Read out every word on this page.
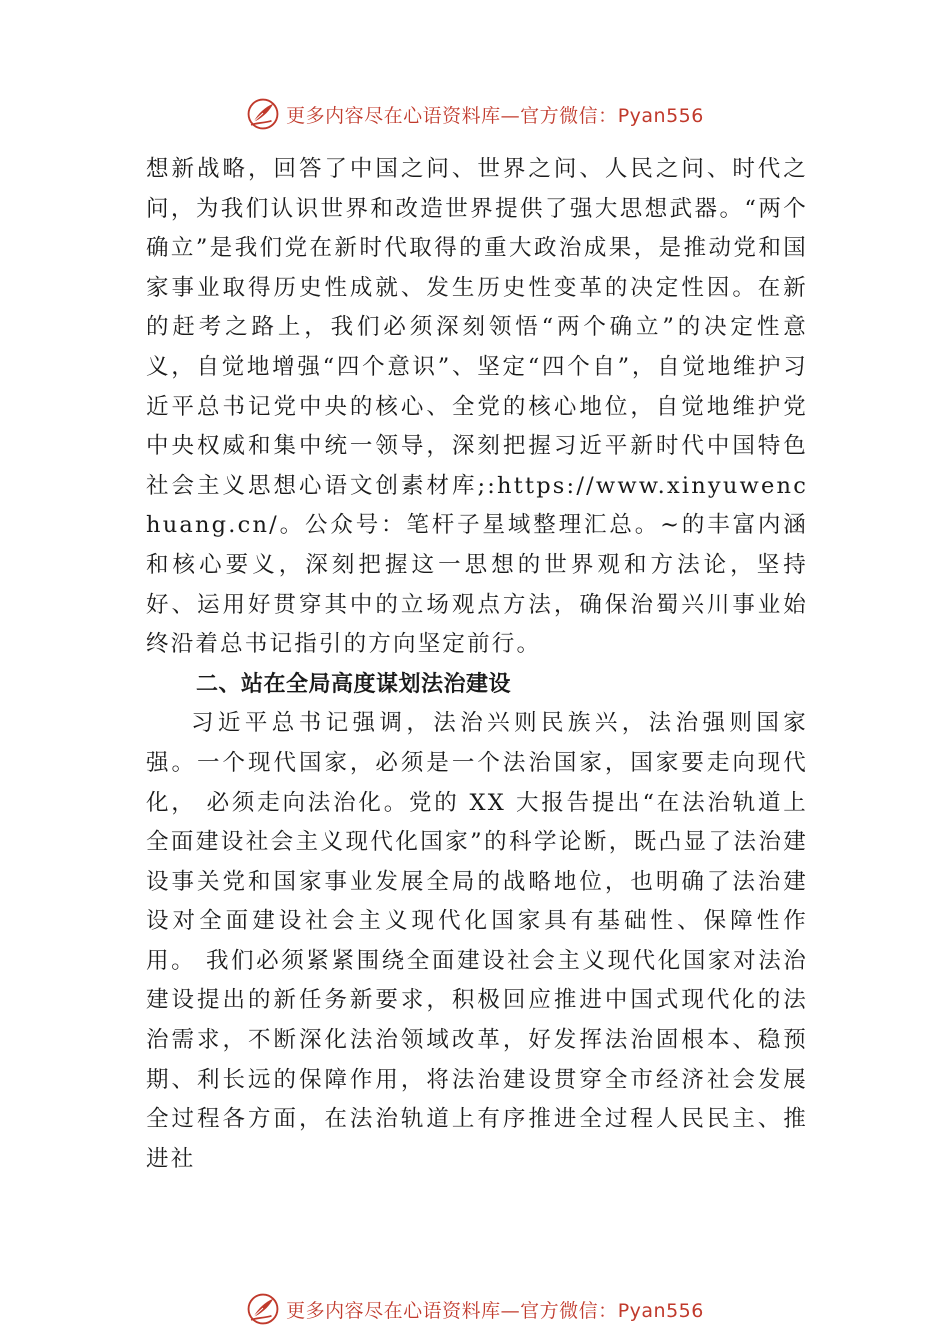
更多内容尽在心语资料库—官方微信：Pyan556

想新战略，回答了中国之问、世界之问、人民之问、时代之问，为我们认识世界和改造世界提供了强大思想武器。“两个确立”是我们党在新时代取得的重大政治成果，是推动党和国家事业取得历史性成就、发生历史性变革的决定性因。在新的赶考之路上，我们必须深刻领悟“两个确立”的决定性意义，自觉地增强“四个意识”、坚定“四个自”，自觉地维护习近平总书记党中央的核心、全党的核心地位，自觉地维护党中央权威和集中统一领导，深刻把握习近平新时代中国特色社会主义思想心语文创素材库;:https://www.xinyuwenchuang.cn/。公众号：笔杆子星域整理汇总。~的丰富内涵和核心要义，深刻把握这一思想的世界观和方法论，坚持好、运用好贯穿其中的立场观点方法，确保治蜀兴川事业始终沿着总书记指引的方向坚定前行。

二、站在全局高度谋划法治建设

习近平总书记强调，法治兴则民族兴，法治强则国家强。一个现代国家，必须是一个法治国家，国家要走向现代化， 必须走向法治化。党的 XX 大报告提出“在法治轨道上全面建设社会主义现代化国家”的科学论断，既凸显了法治建设事关党和国家事业发展全局的战略地位，也明确了法治建设对全面建设社会主义现代化国家具有基础性、保障性作用。 我们必须紧紧围绕全面建设社会主义现代化国家对法治建设提出的新任务新要求，积极回应推进中国式现代化的法治需求，不断深化法治领域改革，好发挥法治固根本、稳预期、利长远的保障作用，将法治建设贯穿全市经济社会发展全过程各方面，在法治轨道上有序推进全过程人民民主、推进社

更多内容尽在心语资料库—官方微信：Pyan556
